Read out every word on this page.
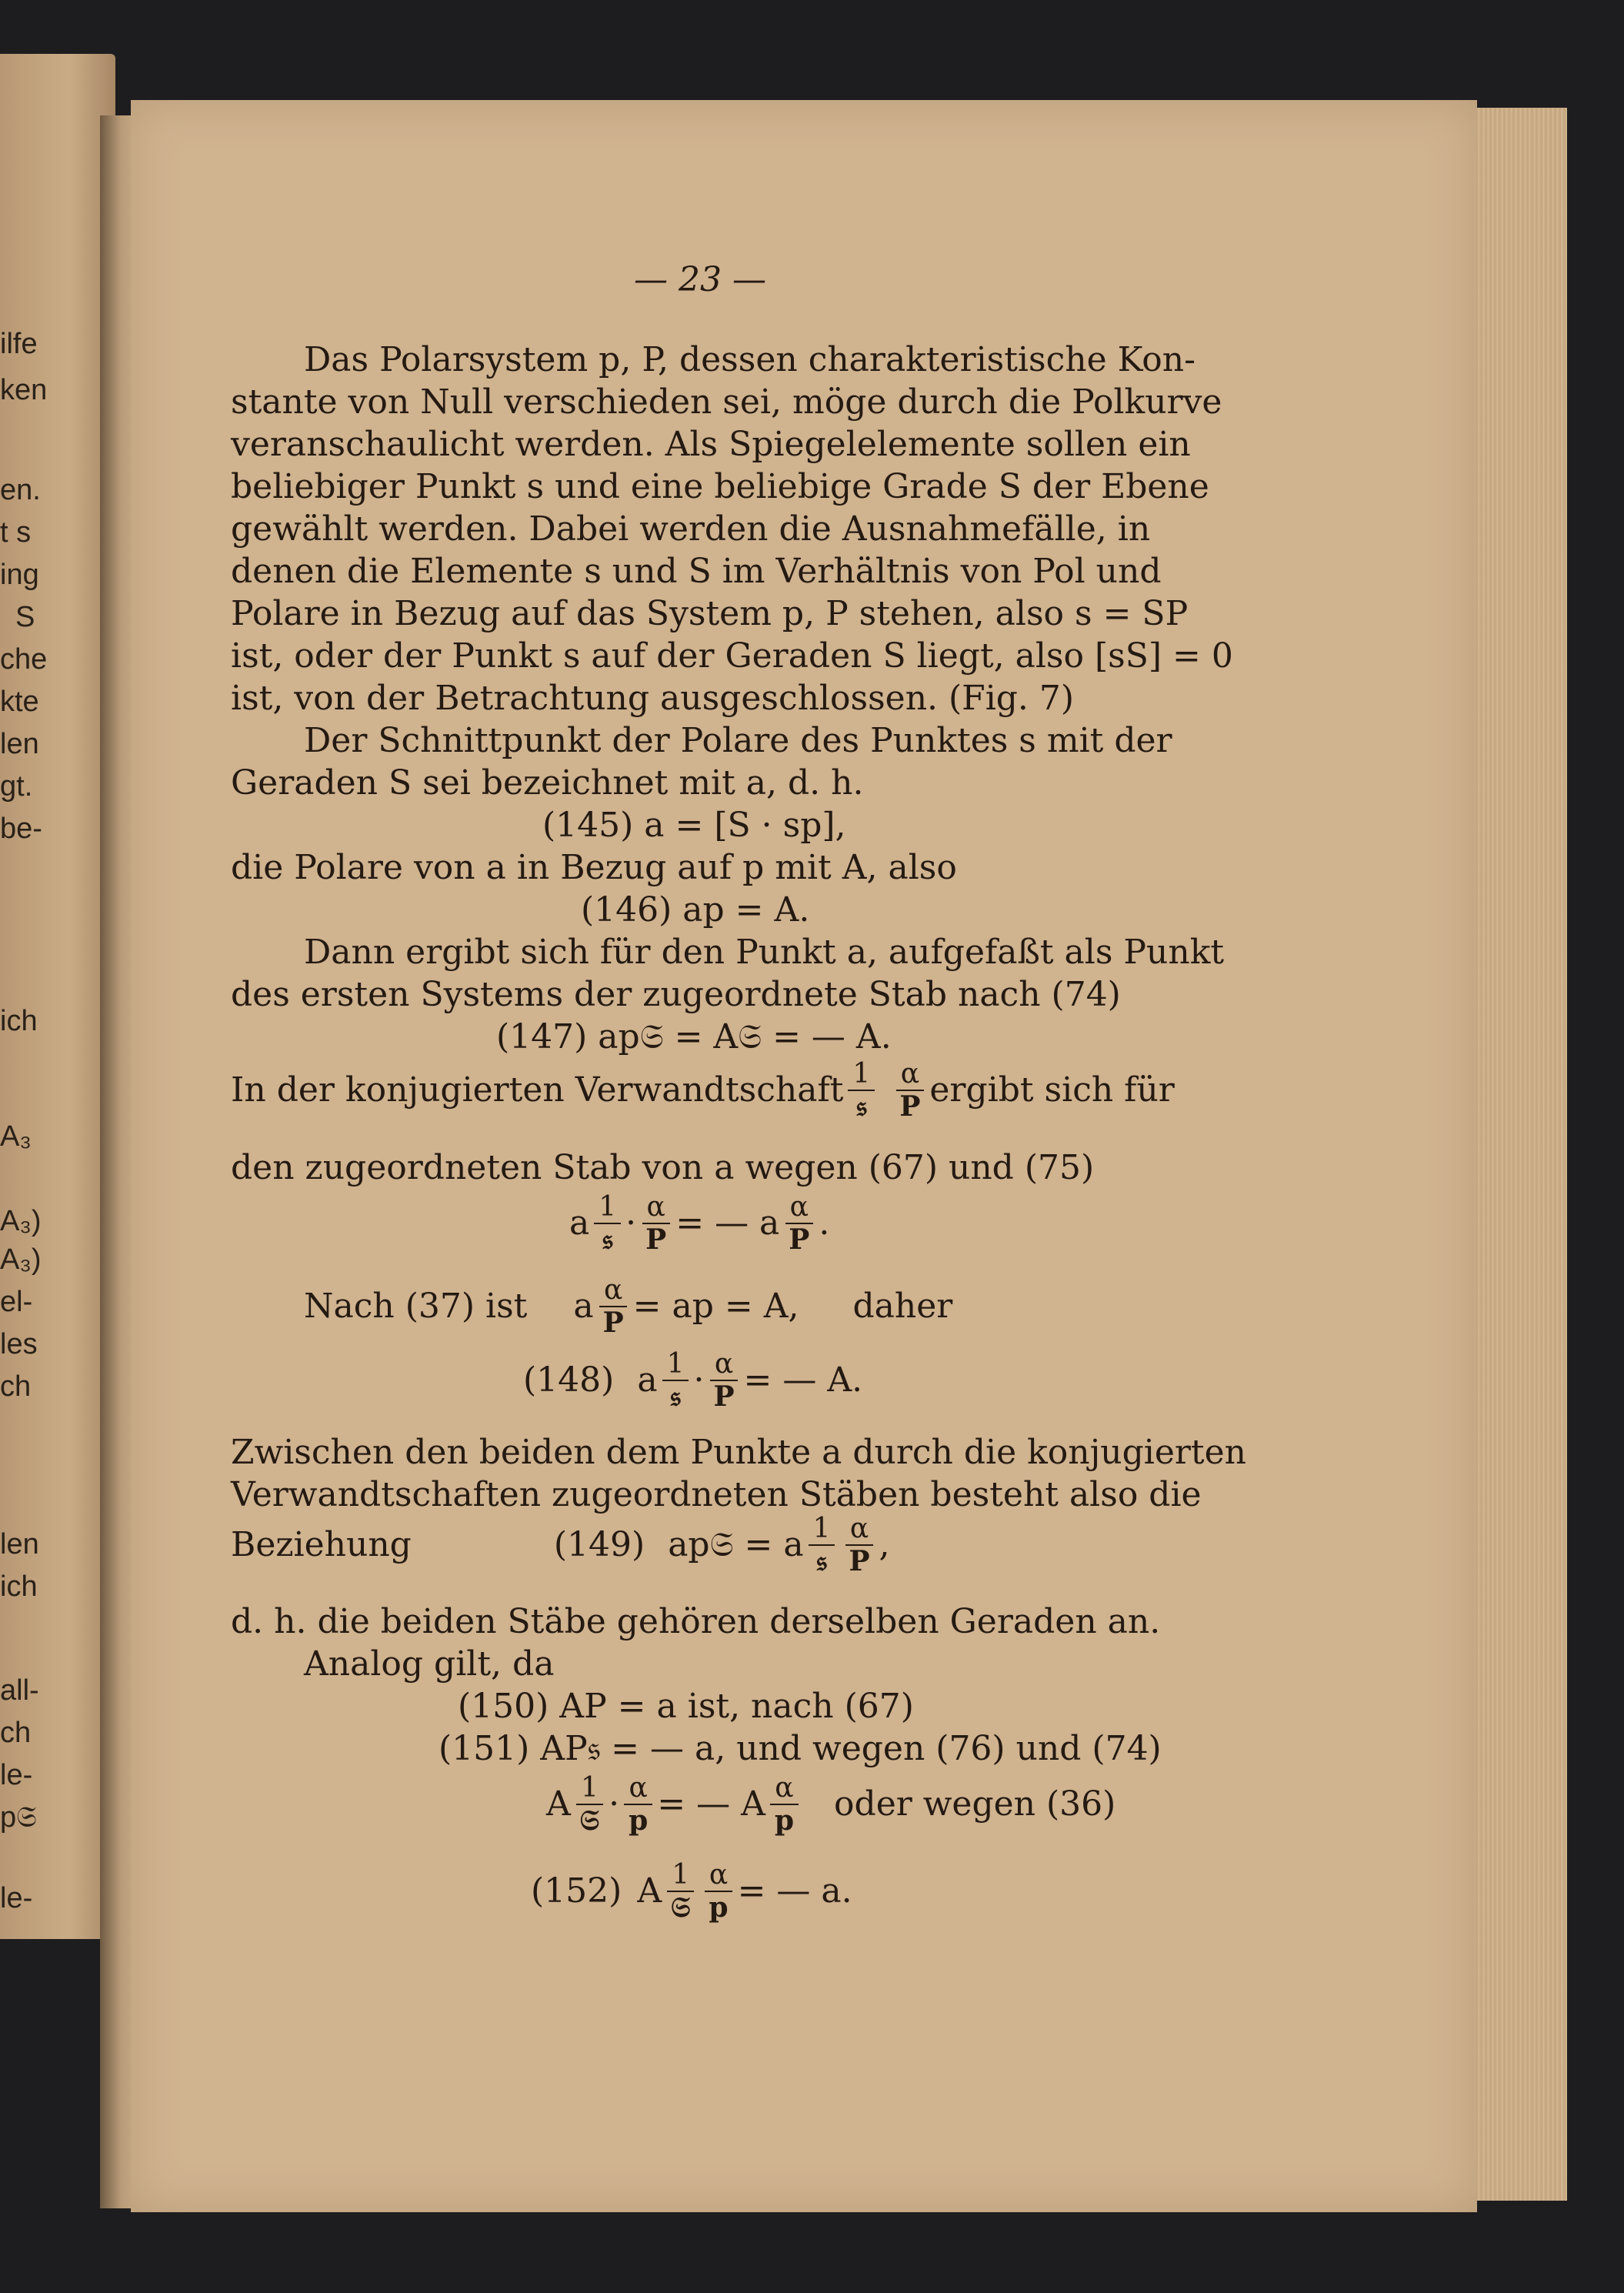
ilfe
ken
en.
t s
ing
S
che
kte
len
gt.
be-
ich
A₃
A₃)
A₃)
el-
les
ch
len
ich
all-
ch
le-
p𝔖
le-
— 23 —
Das Polarsystem p, P, dessen charakteristische Kon-
stante von Null verschieden sei, möge durch die Polkurve
veranschaulicht werden. Als Spiegelelemente sollen ein
beliebiger Punkt s und eine beliebige Grade S der Ebene
gewählt werden. Dabei werden die Ausnahmefälle, in
denen die Elemente s und S im Verhältnis von Pol und
Polare in Bezug auf das System p, P stehen, also s = SP
ist, oder der Punkt s auf der Geraden S liegt, also [sS] = 0
ist, von der Betrachtung ausgeschlossen. (Fig. 7)
Der Schnittpunkt der Polare des Punktes s mit der
Geraden S sei bezeichnet mit a, d. h.
(145) a = [S · sp],
die Polare von a in Bezug auf p mit A, also
(146) ap = A.
Dann ergibt sich für den Punkt a, aufgefaßt als Punkt
des ersten Systems der zugeordnete Stab nach (74)
(147) ap𝔖 = A𝔖 = — A.
In der konjugierten Verwandtschaft $\frac{1}{\text{𝔰}}$
$\frac{\alpha}{P}$ ergibt sich für
den zugeordneten Stab von a wegen (67) und (75)
a $\frac{1}{\text{𝔰}} \cdot \frac{\alpha}{P}$ = — a $\frac{\alpha}{P}$ .
Nach (37) ist a $\frac{\alpha}{P}$ = ap = A, daher
(148) a $\frac{1}{\text{𝔰}} \cdot \frac{\alpha}{P}$ = — A.
Zwischen den beiden dem Punkte a durch die konjugierten
Verwandtschaften zugeordneten Stäben besteht also die
Beziehung	(149) ap𝔖 = a $\frac{1}{\text{𝔰}} \frac{\alpha}{P}$ ,
d. h. die beiden Stäbe gehören derselben Geraden an.
Analog gilt, da
(150) AP = a ist, nach (67)
(151) AP𝔰 = — a, und wegen (76) und (74)
A $\frac{1}{\text{𝔖}} \cdot \frac{\alpha}{p}$ = — A $\frac{\alpha}{p}$ oder wegen (36)
(152) A $\frac{1}{\text{𝔖}} \frac{\alpha}{p}$ = — a.
